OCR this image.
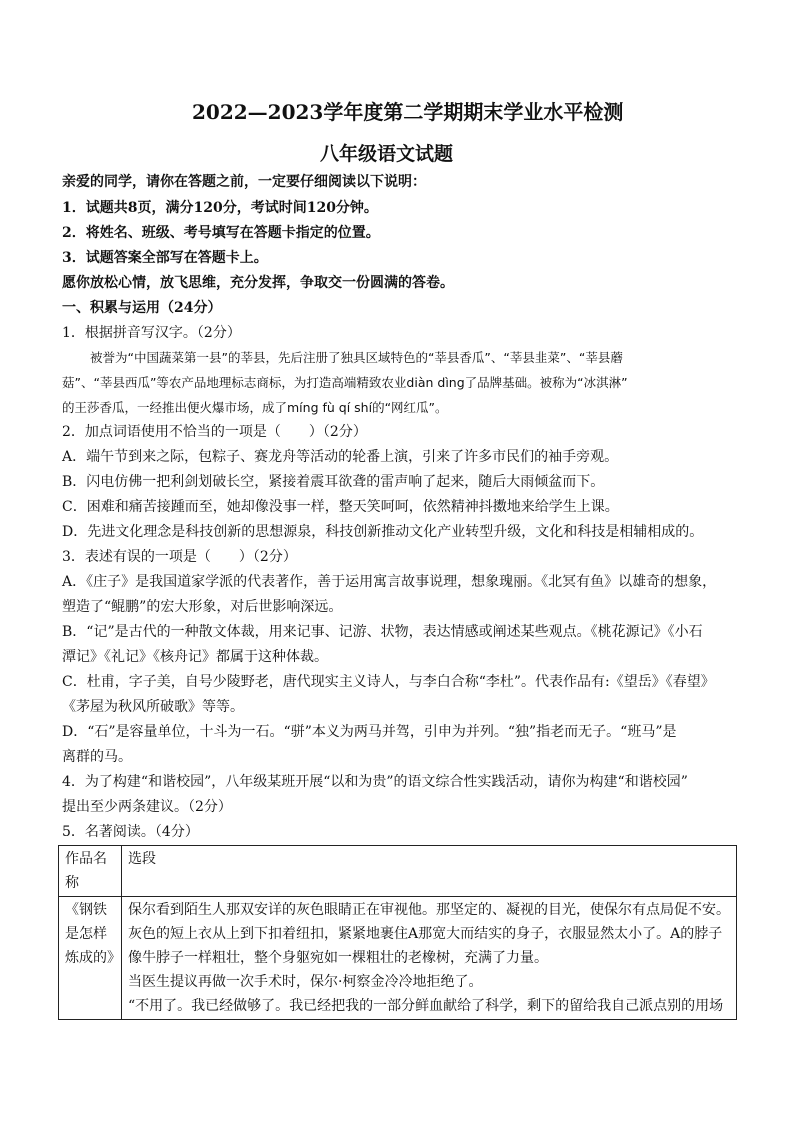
2022—2023学年度第二学期期末学业水平检测
八年级语文试题
亲爱的同学，请你在答题之前，一定要仔细阅读以下说明：
1．试题共8页，满分120分，考试时间120分钟。
2．将姓名、班级、考号填写在答题卡指定的位置。
3．试题答案全部写在答题卡上。
愿你放松心情，放飞思维，充分发挥，争取交一份圆满的答卷。
一、积累与运用（24分）
1．根据拼音写汉字。（2分）
被誉为“中国蔬菜第一县”的莘县，先后注册了独具区域特色的“莘县香瓜”、“莘县韭菜”、“莘县蘑
菇”、“莘县西瓜”等农产品地理标志商标，为打造高端精致农业diàn dìng了品牌基础。被称为“冰淇淋”
的王莎香瓜，一经推出便火爆市场，成了míng fù qí shí的“网红瓜”。
2．加点词语使用不恰当的一项是（　　）（2分）
A．端午节到来之际，包粽子、赛龙舟等活动的轮番上演，引来了许多市民们的袖手旁观。
B．闪电仿佛一把利剑划破长空，紧接着震耳欲聋的雷声响了起来，随后大雨倾盆而下。
C．困难和痛苦接踵而至，她却像没事一样，整天笑呵呵，依然精神抖擞地来给学生上课。
D．先进文化理念是科技创新的思想源泉，科技创新推动文化产业转型升级，文化和科技是相辅相成的。
3．表述有误的一项是（　　）（2分）
A．《庄子》是我国道家学派的代表著作，善于运用寓言故事说理，想象瑰丽。《北冥有鱼》以雄奇的想象，
塑造了“鲲鹏”的宏大形象，对后世影响深远。
B．“记”是古代的一种散文体裁，用来记事、记游、状物，表达情感或阐述某些观点。《桃花源记》《小石
潭记》《礼记》《核舟记》都属于这种体裁。
C．杜甫，字子美，自号少陵野老，唐代现实主义诗人，与李白合称“李杜”。代表作品有:《望岳》《春望》
《茅屋为秋风所破歌》等等。
D．“石”是容量单位，十斗为一石。“骈”本义为两马并驾，引申为并列。“独”指老而无子。“班马”是
离群的马。
4．为了构建“和谐校园”，八年级某班开展“以和为贵”的语文综合性实践活动，请你为构建“和谐校园”
提出至少两条建议。（2分）
5．名著阅读。（4分）
作品名称	选段
《钢铁是怎样炼成的》	保尔看到陌生人那双安详的灰色眼睛正在审视他。那坚定的、凝视的目光，使保尔有点局促不安。
灰色的短上衣从上到下扣着纽扣，紧紧地裹住A那宽大而结实的身子，衣服显然太小了。A的脖子
像牛脖子一样粗壮，整个身躯宛如一棵粗壮的老橡树，充满了力量。
当医生提议再做一次手术时，保尔·柯察金冷冷地拒绝了。
“不用了。我已经做够了。我已经把我的一部分鲜血献给了科学，剩下的留给我自己派点别的用场
